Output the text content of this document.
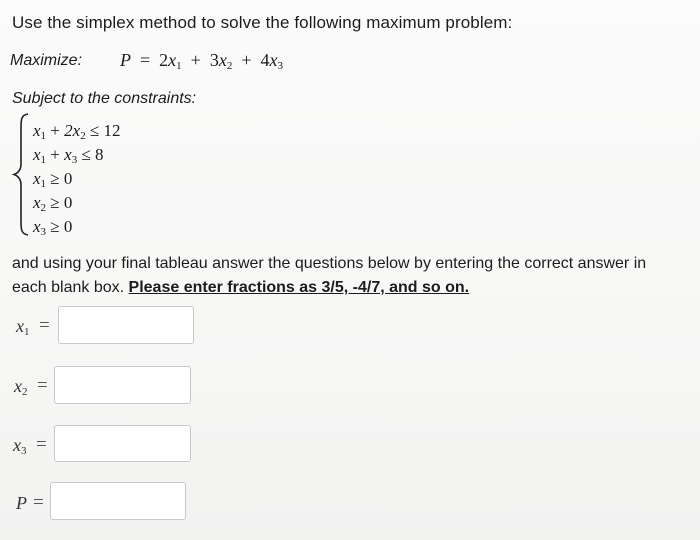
Use the simplex method to solve the following maximum problem:
Maximize: $P = 2x_1 + 3x_2 + 4x_3$
Subject to the constraints:
$x_1 + 2x_2 \le 12$
$x_1 + x_3 \le 8$
$x_1 \ge 0$
$x_2 \ge 0$
$x_3 \ge 0$
and using your final tableau answer the questions below by entering the correct answer in each blank box. Please enter fractions as 3/5, -4/7, and so on.
$x_1$ =
$x_2$ =
$x_3$ =
P =
